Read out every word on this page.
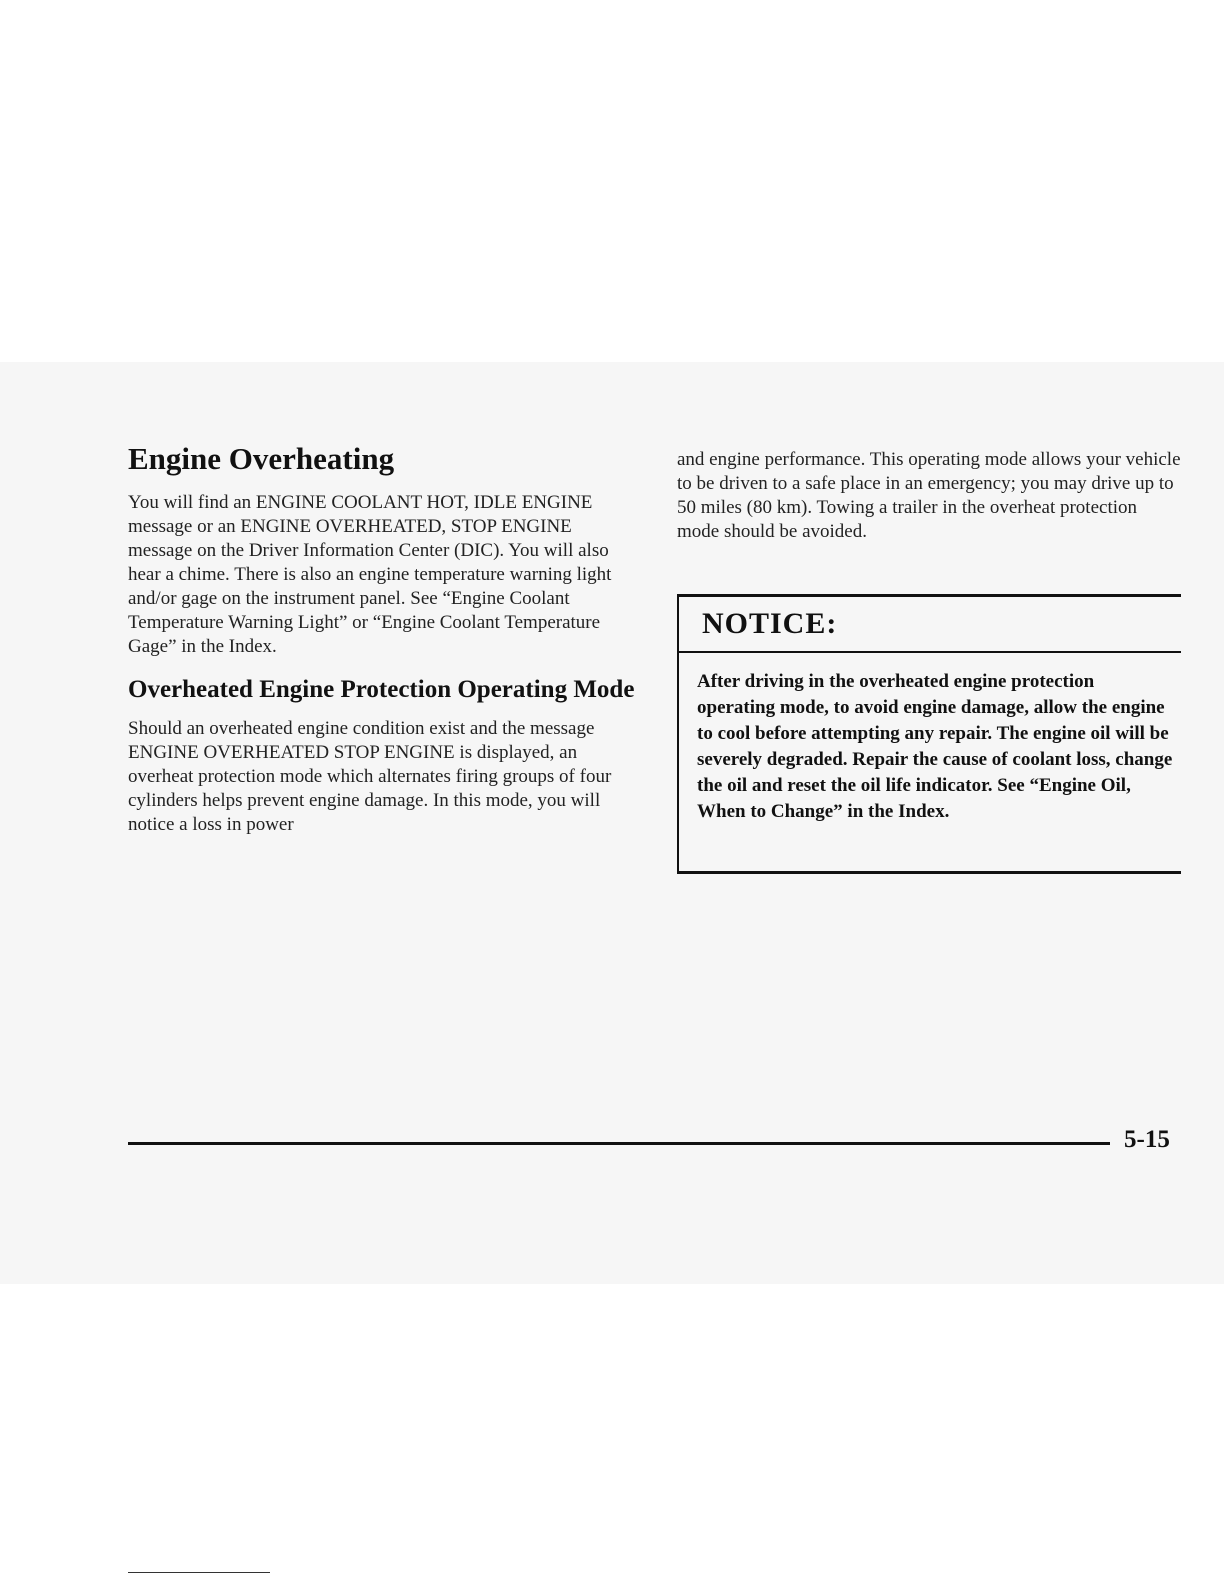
Engine Overheating

You will find an ENGINE COOLANT HOT, IDLE ENGINE message or an ENGINE OVERHEATED, STOP ENGINE message on the Driver Information Center (DIC). You will also hear a chime. There is also an engine temperature warning light and/or gage on the instrument panel. See “Engine Coolant Temperature Warning Light” or “Engine Coolant Temperature Gage” in the Index.

Overheated Engine Protection Operating Mode

Should an overheated engine condition exist and the message ENGINE OVERHEATED STOP ENGINE is displayed, an overheat protection mode which alternates firing groups of four cylinders helps prevent engine damage. In this mode, you will notice a loss in power

and engine performance. This operating mode allows your vehicle to be driven to a safe place in an emergency; you may drive up to 50 miles (80 km). Towing a trailer in the overheat protection mode should be avoided.

NOTICE:

After driving in the overheated engine protection operating mode, to avoid engine damage, allow the engine to cool before attempting any repair. The engine oil will be severely degraded. Repair the cause of coolant loss, change the oil and reset the oil life indicator. See “Engine Oil, When to Change” in the Index.
5-15
